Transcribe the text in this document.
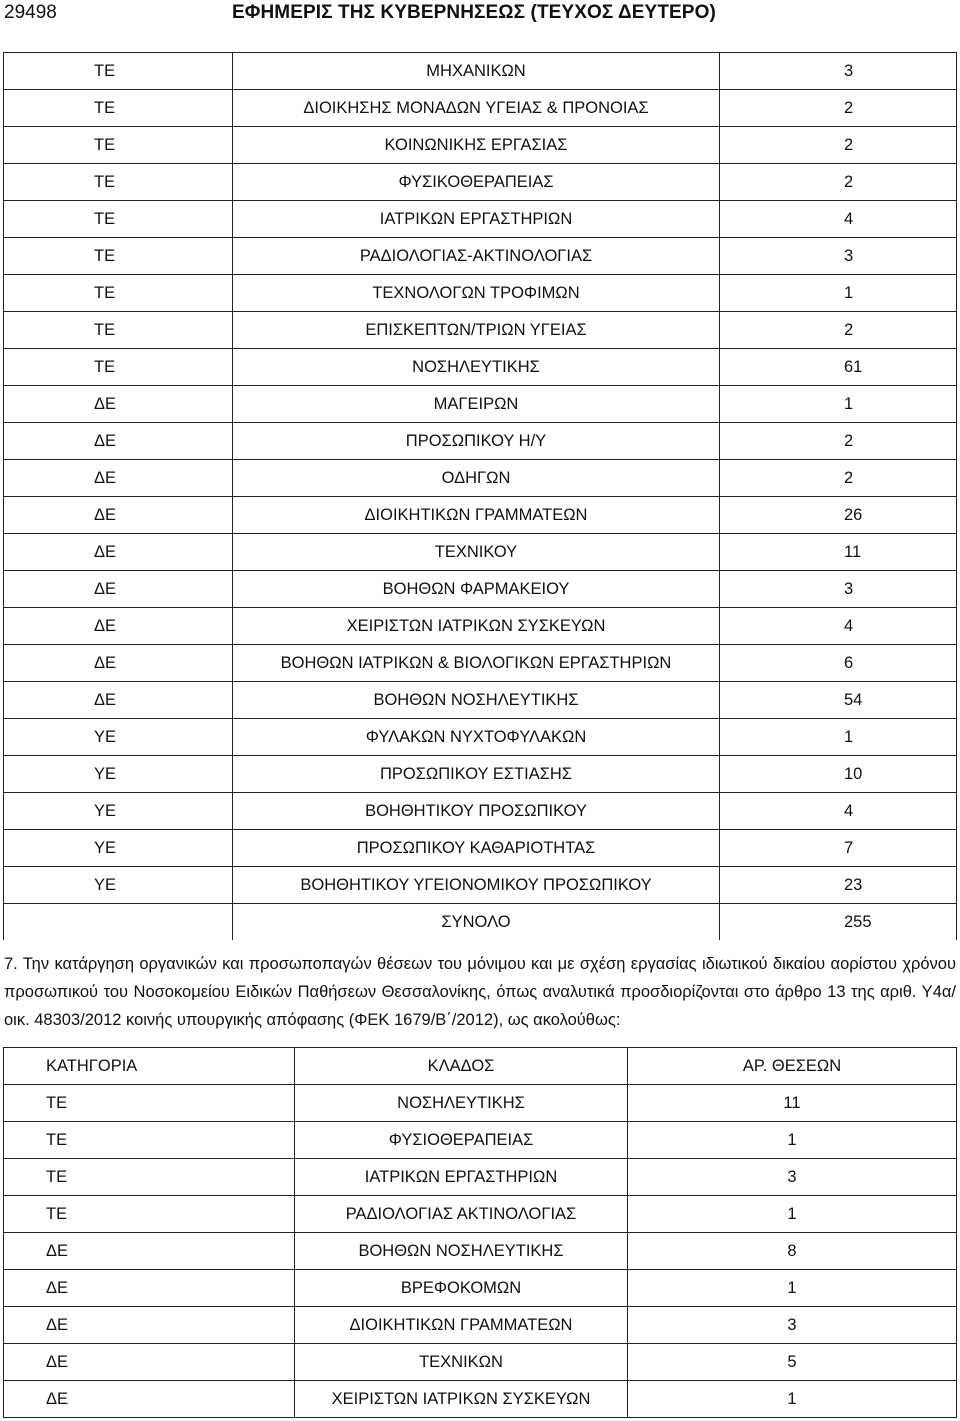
29498	ΕΦΗΜΕΡΙΣ ΤΗΣ ΚΥΒΕΡΝΗΣΕΩΣ (ΤΕΥΧΟΣ ΔΕΥΤΕΡΟ)
ΤΕ	ΜΗΧΑΝΙΚΩΝ	3
ΤΕ	ΔΙΟΙΚΗΣΗΣ ΜΟΝΑΔΩΝ ΥΓΕΙΑΣ & ΠΡΟΝΟΙΑΣ	2
ΤΕ	ΚΟΙΝΩΝΙΚΗΣ ΕΡΓΑΣΙΑΣ	2
ΤΕ	ΦΥΣΙΚΟΘΕΡΑΠΕΙΑΣ	2
ΤΕ	ΙΑΤΡΙΚΩΝ ΕΡΓΑΣΤΗΡΙΩΝ	4
ΤΕ	ΡΑΔΙΟΛΟΓΙΑΣ-ΑΚΤΙΝΟΛΟΓΙΑΣ	3
ΤΕ	ΤΕΧΝΟΛΟΓΩΝ ΤΡΟΦΙΜΩΝ	1
ΤΕ	ΕΠΙΣΚΕΠΤΩΝ/ΤΡΙΩΝ ΥΓΕΙΑΣ	2
ΤΕ	ΝΟΣΗΛΕΥΤΙΚΗΣ	61
ΔΕ	ΜΑΓΕΙΡΩΝ	1
ΔΕ	ΠΡΟΣΩΠΙΚΟΥ Η/Υ	2
ΔΕ	ΟΔΗΓΩΝ	2
ΔΕ	ΔΙΟΙΚΗΤΙΚΩΝ ΓΡΑΜΜΑΤΕΩΝ	26
ΔΕ	ΤΕΧΝΙΚΟΥ	11
ΔΕ	ΒΟΗΘΩΝ ΦΑΡΜΑΚΕΙΟΥ	3
ΔΕ	ΧΕΙΡΙΣΤΩΝ ΙΑΤΡΙΚΩΝ ΣΥΣΚΕΥΩΝ	4
ΔΕ	ΒΟΗΘΩΝ ΙΑΤΡΙΚΩΝ & ΒΙΟΛΟΓΙΚΩΝ ΕΡΓΑΣΤΗΡΙΩΝ	6
ΔΕ	ΒΟΗΘΩΝ ΝΟΣΗΛΕΥΤΙΚΗΣ	54
ΥΕ	ΦΥΛΑΚΩΝ ΝΥΧΤΟΦΥΛΑΚΩΝ	1
ΥΕ	ΠΡΟΣΩΠΙΚΟΥ ΕΣΤΙΑΣΗΣ	10
ΥΕ	ΒΟΗΘΗΤΙΚΟΥ ΠΡΟΣΩΠΙΚΟΥ	4
ΥΕ	ΠΡΟΣΩΠΙΚΟΥ ΚΑΘΑΡΙΟΤΗΤΑΣ	7
ΥΕ	ΒΟΗΘΗΤΙΚΟΥ ΥΓΕΙΟΝΟΜΙΚΟΥ ΠΡΟΣΩΠΙΚΟΥ	23
	ΣΥΝΟΛΟ	255
7. Την κατάργηση οργανικών και προσωποπαγών θέσεων του μόνιμου και με σχέση εργασίας ιδιωτικού δικαίου αορίστου χρόνου προσωπικού του Νοσοκομείου Ειδικών Παθήσεων Θεσσαλονίκης, όπως αναλυτικά προσδιορίζονται στο άρθρο 13 της αριθ. Υ4α/οικ. 48303/2012 κοινής υπουργικής απόφασης (ΦΕΚ 1679/Β΄/2012), ως ακολούθως:
ΚΑΤΗΓΟΡΙΑ	ΚΛΑΔΟΣ	ΑΡ. ΘΕΣΕΩΝ
ΤΕ	ΝΟΣΗΛΕΥΤΙΚΗΣ	11
ΤΕ	ΦΥΣΙΟΘΕΡΑΠΕΙΑΣ	1
ΤΕ	ΙΑΤΡΙΚΩΝ ΕΡΓΑΣΤΗΡΙΩΝ	3
ΤΕ	ΡΑΔΙΟΛΟΓΙΑΣ ΑΚΤΙΝΟΛΟΓΙΑΣ	1
ΔΕ	ΒΟΗΘΩΝ ΝΟΣΗΛΕΥΤΙΚΗΣ	8
ΔΕ	ΒΡΕΦΟΚΟΜΩΝ	1
ΔΕ	ΔΙΟΙΚΗΤΙΚΩΝ ΓΡΑΜΜΑΤΕΩΝ	3
ΔΕ	ΤΕΧΝΙΚΩΝ	5
ΔΕ	ΧΕΙΡΙΣΤΩΝ ΙΑΤΡΙΚΩΝ ΣΥΣΚΕΥΩΝ	1
